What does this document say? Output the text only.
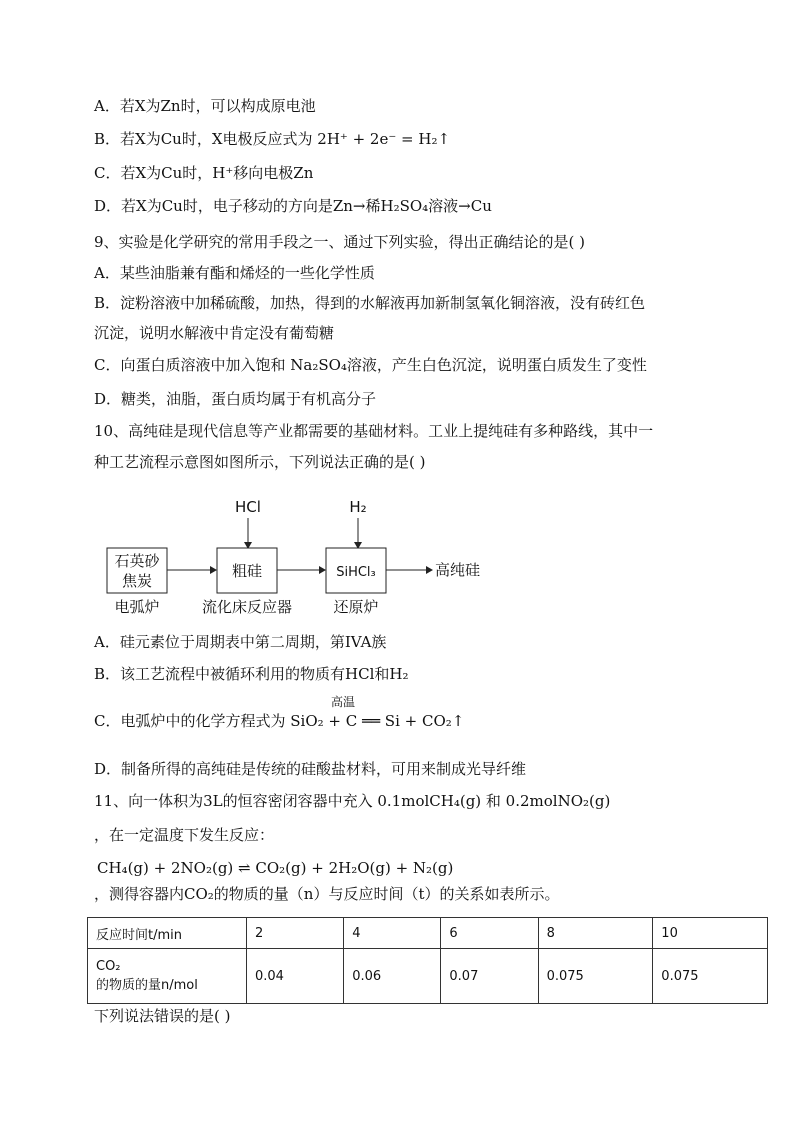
A．若X为Zn时，可以构成原电池
B．若X为Cu时，X电极反应式为 2H⁺ + 2e⁻ = H₂↑
C．若X为Cu时，H⁺移向电极Zn
D．若X为Cu时，电子移动的方向是Zn→稀H₂SO₄溶液→Cu
9、实验是化学研究的常用手段之一、通过下列实验，得出正确结论的是( )
A．某些油脂兼有酯和烯烃的一些化学性质
B．淀粉溶液中加稀硫酸，加热，得到的水解液再加新制氢氧化铜溶液，没有砖红色
沉淀，说明水解液中肯定没有葡萄糖
C．向蛋白质溶液中加入饱和 Na₂SO₄溶液，产生白色沉淀，说明蛋白质发生了变性
D．糖类，油脂，蛋白质均属于有机高分子
10、高纯硅是现代信息等产业都需要的基础材料。工业上提纯硅有多种路线，其中一
种工艺流程示意图如图所示，下列说法正确的是( )
HCl	H₂
石英砂
焦炭
粗硅	SiHCl₃	高纯硅
电弧炉	流化床反应器	还原炉
A．硅元素位于周期表中第二周期，第IVA族
B．该工艺流程中被循环利用的物质有HCl和H₂
高温
C．电弧炉中的化学方程式为 SiO₂ + C ══ Si + CO₂↑
D．制备所得的高纯硅是传统的硅酸盐材料，可用来制成光导纤维
11、向一体积为3L的恒容密闭容器中充入 0.1molCH₄(g) 和 0.2molNO₂(g)
，在一定温度下发生反应：
CH₄(g) + 2NO₂(g) ⇌ CO₂(g) + 2H₂O(g) + N₂(g)
，测得容器内CO₂的物质的量（n）与反应时间（t）的关系如表所示。
反应时间t/min	2	4	6	8	10

CO₂
的物质的量n/mol	0.04	0.06	0.07	0.075	0.075
下列说法错误的是( )
